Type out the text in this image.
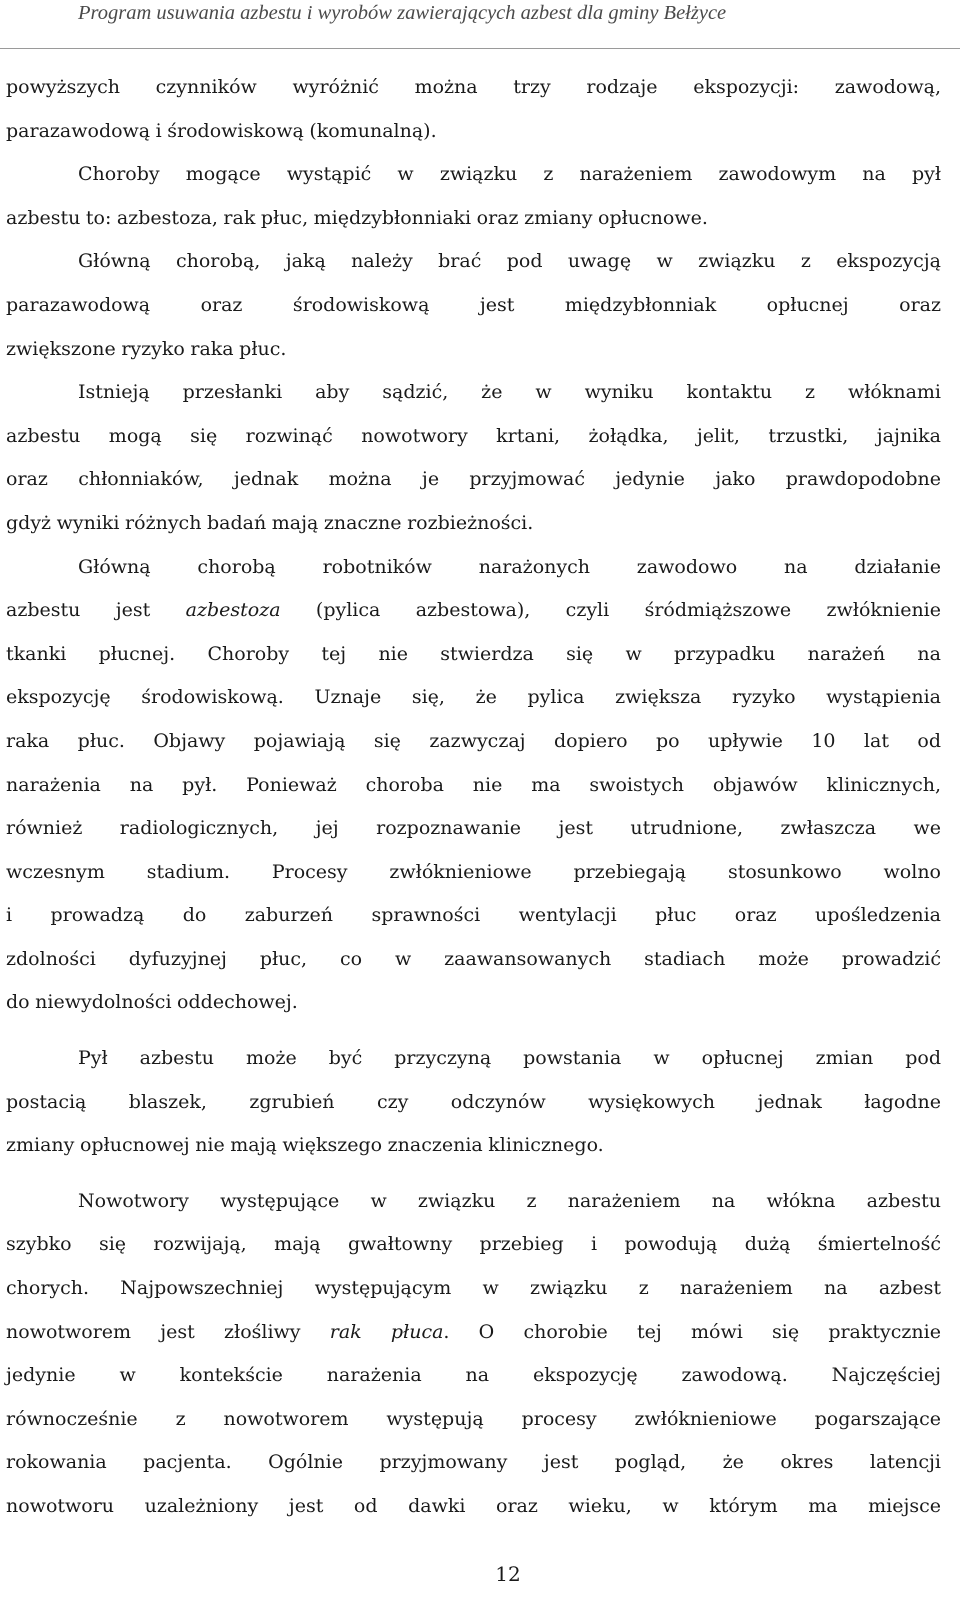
Program usuwania azbestu i wyrobów zawierających azbest dla gminy Bełżyce

powyższych czynników wyróżnić można trzy rodzaje ekspozycji: zawodową,
parazawodową i środowiskową (komunalną).

Choroby mogące wystąpić w związku z narażeniem zawodowym na pył
azbestu to: azbestoza, rak płuc, międzybłonniaki oraz zmiany opłucnowe.

Główną chorobą, jaką należy brać pod uwagę w związku z ekspozycją
parazawodową oraz środowiskową jest międzybłonniak opłucnej oraz
zwiększone ryzyko raka płuc.

Istnieją przesłanki aby sądzić, że w wyniku kontaktu z włóknami
azbestu mogą się rozwinąć nowotwory krtani, żołądka, jelit, trzustki, jajnika
oraz chłonniaków, jednak można je przyjmować jedynie jako prawdopodobne
gdyż wyniki różnych badań mają znaczne rozbieżności.

Główną chorobą robotników narażonych zawodowo na działanie
azbestu jest azbestoza (pylica azbestowa), czyli śródmiąższowe zwłóknienie
tkanki płucnej. Choroby tej nie stwierdza się w przypadku narażeń na
ekspozycję środowiskową. Uznaje się, że pylica zwiększa ryzyko wystąpienia
raka płuc. Objawy pojawiają się zazwyczaj dopiero po upływie 10 lat od
narażenia na pył. Ponieważ choroba nie ma swoistych objawów klinicznych,
również radiologicznych, jej rozpoznawanie jest utrudnione, zwłaszcza we
wczesnym stadium. Procesy zwłóknieniowe przebiegają stosunkowo wolno
i prowadzą do zaburzeń sprawności wentylacji płuc oraz upośledzenia
zdolności dyfuzyjnej płuc, co w zaawansowanych stadiach może prowadzić
do niewydolności oddechowej.

Pył azbestu może być przyczyną powstania w opłucnej zmian pod
postacią blaszek, zgrubień czy odczynów wysiękowych jednak łagodne
zmiany opłucnowej nie mają większego znaczenia klinicznego.

Nowotwory występujące w związku z narażeniem na włókna azbestu
szybko się rozwijają, mają gwałtowny przebieg i powodują dużą śmiertelność
chorych. Najpowszechniej występującym w związku z narażeniem na azbest
nowotworem jest złośliwy rak płuca. O chorobie tej mówi się praktycznie
jedynie w kontekście narażenia na ekspozycję zawodową. Najczęściej
równocześnie z nowotworem występują procesy zwłóknieniowe pogarszające
rokowania pacjenta. Ogólnie przyjmowany jest pogląd, że okres latencji
nowotworu uzależniony jest od dawki oraz wieku, w którym ma miejsce

12
